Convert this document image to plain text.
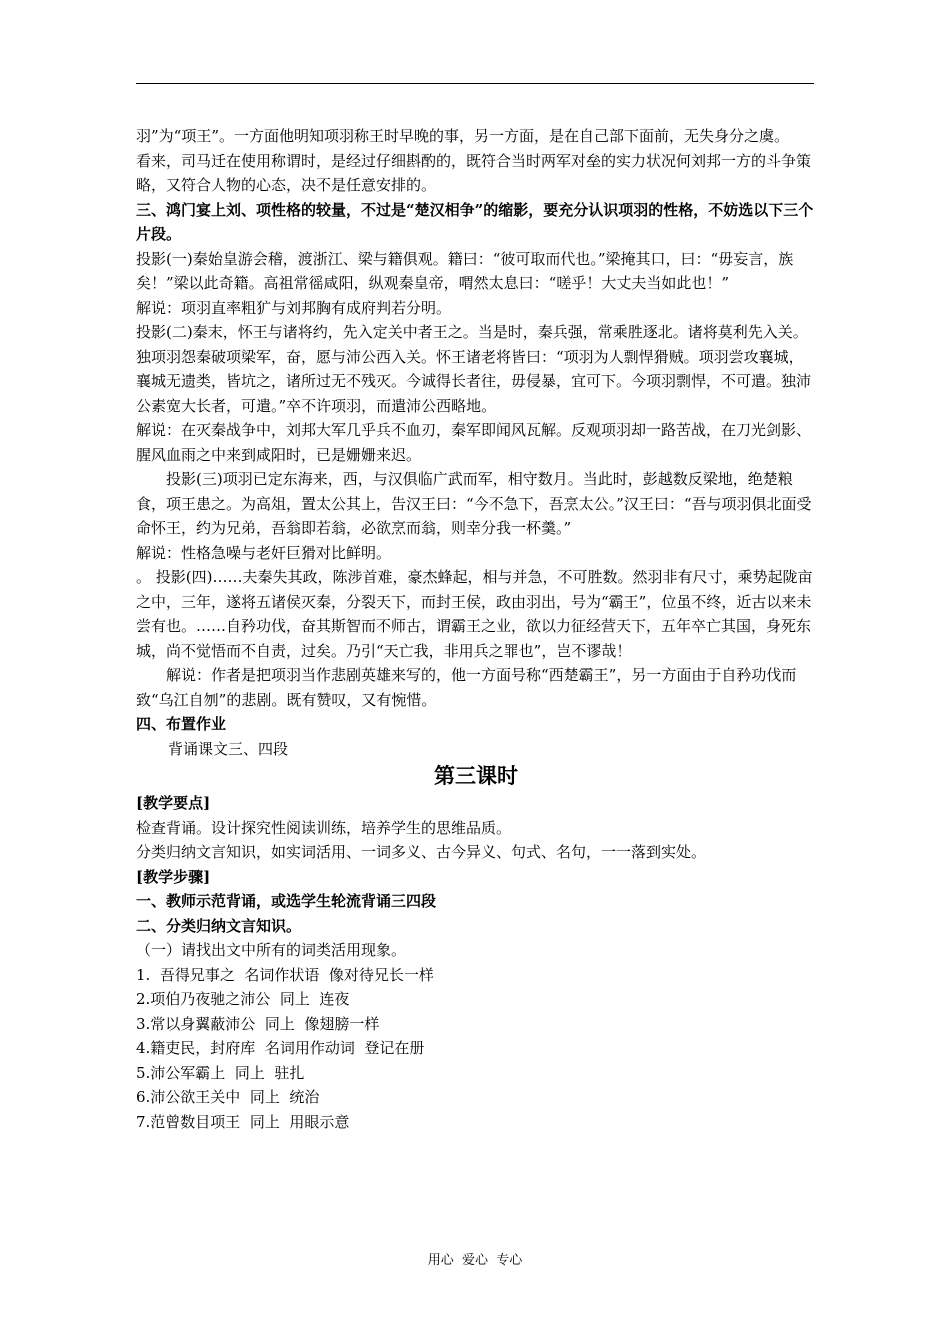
羽”为“项王”。一方面他明知项羽称王时早晚的事，另一方面，是在自己部下面前，无失身分之虞。

看来，司马迁在使用称谓时，是经过仔细斟酌的，既符合当时两军对垒的实力状况何刘邦一方的斗争策略，又符合人物的心态，决不是任意安排的。

三、鸿门宴上刘、项性格的较量，不过是“楚汉相争”的缩影，要充分认识项羽的性格，不妨选以下三个片段。

投影(一)秦始皇游会稽，渡浙江、梁与籍俱观。籍曰：“彼可取而代也。”梁掩其口，曰：“毋妄言，族矣！”梁以此奇籍。高祖常徭咸阳，纵观秦皇帝，喟然太息曰：“嗟乎！大丈夫当如此也！”

解说：项羽直率粗犷与刘邦胸有成府判若分明。

投影(二)秦末，怀王与诸将约，先入定关中者王之。当是时，秦兵强，常乘胜逐北。诸将莫利先入关。独项羽怨秦破项梁军，奋，愿与沛公西入关。怀王诸老将皆曰：“项羽为人剽悍猾贼。项羽尝攻襄城，襄城无遗类，皆坑之，诸所过无不残灭。今诚得长者往，毋侵暴，宜可下。今项羽剽悍，不可遣。独沛公素宽大长者，可遣。”卒不许项羽，而遣沛公西略地。

解说：在灭秦战争中，刘邦大军几乎兵不血刃，秦军即闻风瓦解。反观项羽却一路苦战，在刀光剑影、腥风血雨之中来到咸阳时，已是姗姗来迟。

投影(三)项羽已定东海来，西，与汉俱临广武而军，相守数月。当此时，彭越数反梁地，绝楚粮食，项王患之。为高俎，置太公其上，告汉王曰：“今不急下，吾烹太公。”汉王曰：“吾与项羽俱北面受命怀王，约为兄弟，吾翁即若翁，必欲烹而翁，则幸分我一杯羹。”

解说：性格急噪与老奸巨猾对比鲜明。

。 投影(四)……夫秦失其政，陈涉首难，豪杰蜂起，相与并急，不可胜数。然羽非有尺寸，乘势起陇亩之中，三年，遂将五诸侯灭秦，分裂天下，而封王侯，政由羽出，号为“霸王”，位虽不终，近古以来未尝有也。……自矜功伐，奋其斯智而不师古，谓霸王之业，欲以力征经营天下，五年卒亡其国，身死东城，尚不觉悟而不自责，过矣。乃引“天亡我，非用兵之罪也”，岂不谬哉！

解说：作者是把项羽当作悲剧英雄来写的，他一方面号称“西楚霸王”，另一方面由于自矜功伐而致“乌江自刎”的悲剧。既有赞叹，又有惋惜。

四、布置作业

背诵课文三、四段

第三课时

[教学要点]

检查背诵。设计探究性阅读训练，培养学生的思维品质。

分类归纳文言知识，如实词活用、一词多义、古今异义、句式、名句，一一落到实处。

[教学步骤]

一、教师示范背诵，或选学生轮流背诵三四段

二、分类归纳文言知识。

（一）请找出文中所有的词类活用现象。

1.  吾得兄事之  名词作状语  像对待兄长一样

2.项伯乃夜驰之沛公  同上  连夜

3.常以身翼蔽沛公  同上  像翅膀一样

4.籍吏民，封府库  名词用作动词  登记在册

5.沛公军霸上  同上  驻扎

6.沛公欲王关中  同上  统治

7.范曾数目项王  同上  用眼示意

用心  爱心  专心
